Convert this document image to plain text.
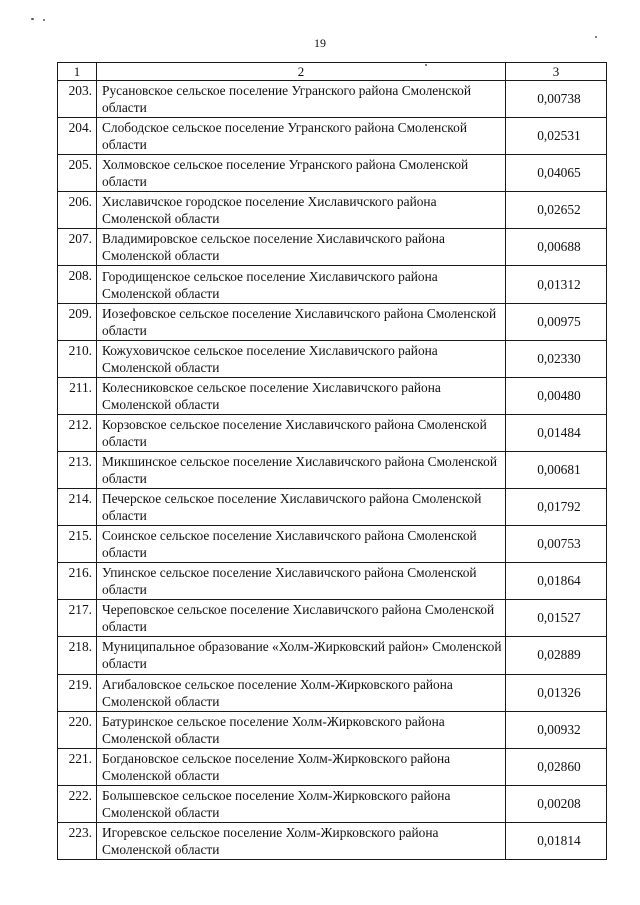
19
1	2	3
203.	Русановское сельское поселение Угранского района Смоленской области	0,00738
204.	Слободское сельское поселение Угранского района Смоленской области	0,02531
205.	Холмовское сельское поселение Угранского района Смоленской области	0,04065
206.	Хиславичское городское поселение Хиславичского района Смоленской области	0,02652
207.	Владимировское сельское поселение Хиславичского района Смоленской области	0,00688
208.	Городищенское сельское поселение Хиславичского района Смоленской области	0,01312
209.	Иозефовское сельское поселение Хиславичского района Смоленской области	0,00975
210.	Кожуховичское сельское поселение Хиславичского района Смоленской области	0,02330
211.	Колесниковское сельское поселение Хиславичского района Смоленской области	0,00480
212.	Корзовское сельское поселение Хиславичского района Смоленской области	0,01484
213.	Микшинское сельское поселение Хиславичского района Смоленской области	0,00681
214.	Печерское сельское поселение Хиславичского района Смоленской области	0,01792
215.	Соинское сельское поселение Хиславичского района Смоленской области	0,00753
216.	Упинское сельское поселение Хиславичского района Смоленской области	0,01864
217.	Череповское сельское поселение Хиславичского района Смоленской области	0,01527
218.	Муниципальное образование «Холм-Жирковский район» Смоленской области	0,02889
219.	Агибаловское сельское поселение Холм-Жирковского района Смоленской области	0,01326
220.	Батуринское сельское поселение Холм-Жирковского района Смоленской области	0,00932
221.	Богдановское сельское поселение Холм-Жирковского района Смоленской области	0,02860
222.	Болышевское сельское поселение Холм-Жирковского района Смоленской области	0,00208
223.	Игоревское сельское поселение Холм-Жирковского района Смоленской области	0,01814
